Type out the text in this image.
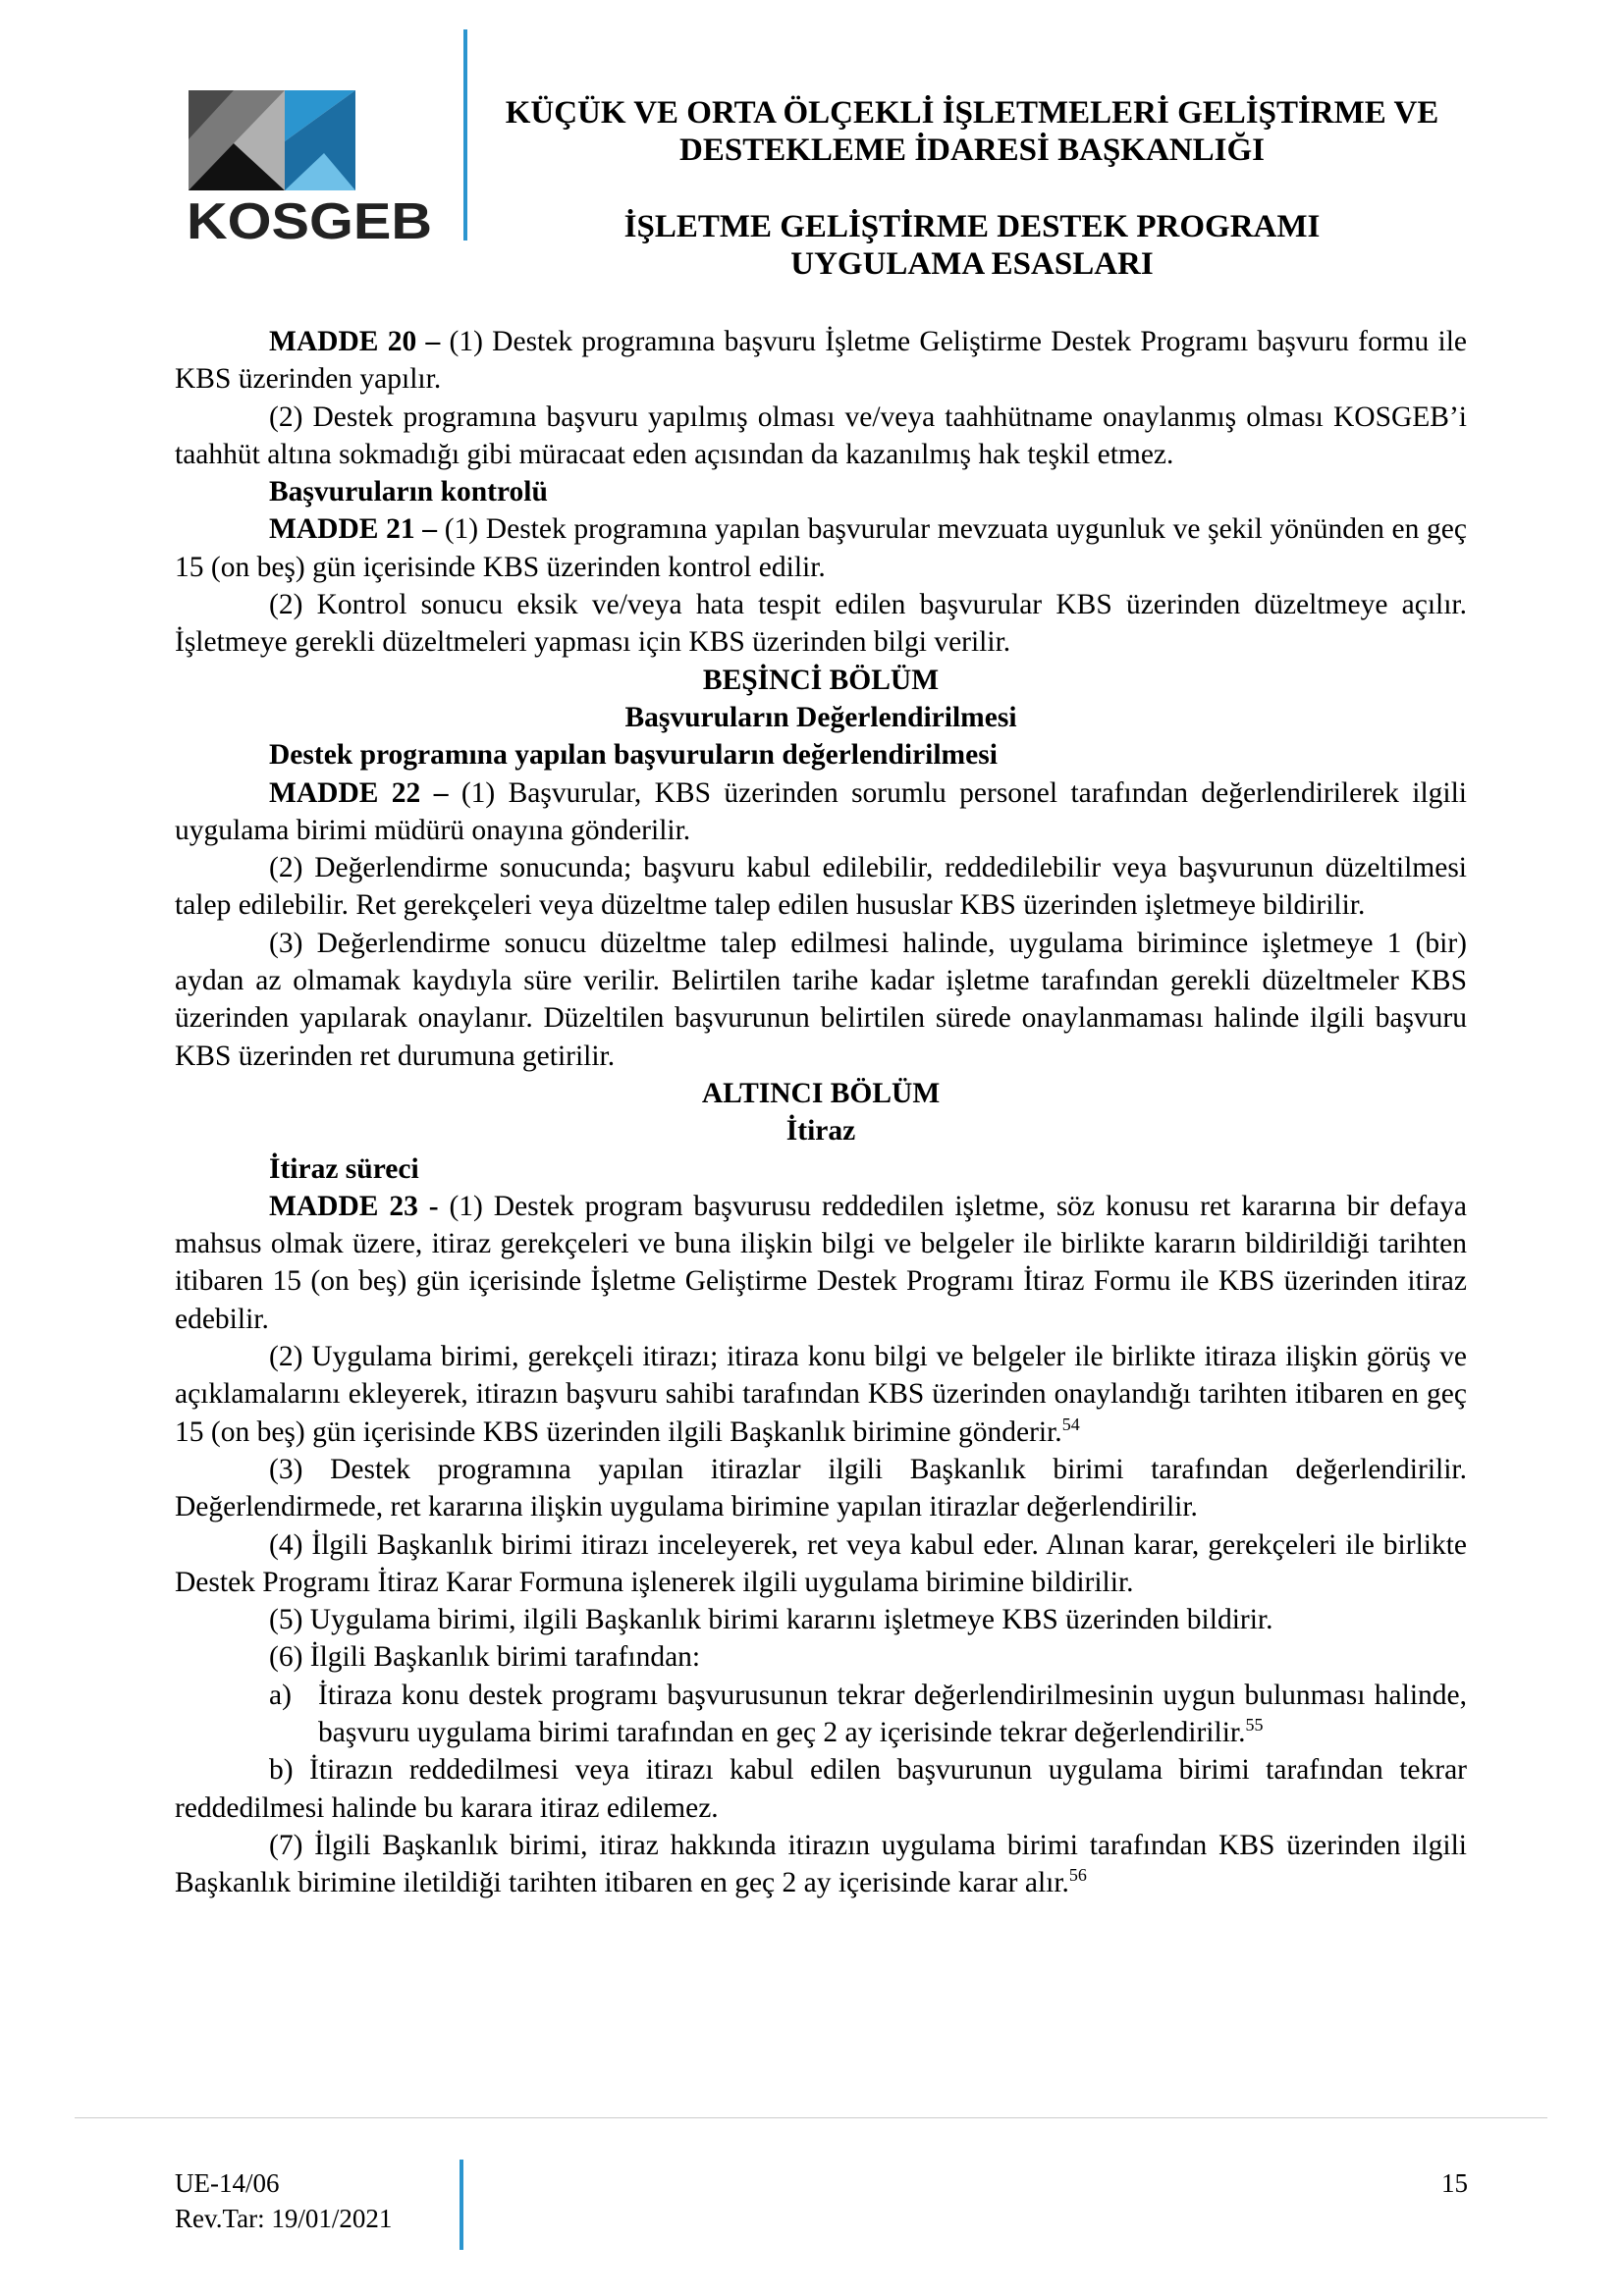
KOSGEB
KÜÇÜK VE ORTA ÖLÇEKLİ İŞLETMELERİ GELİŞTİRME VE
DESTEKLEME İDARESİ BAŞKANLIĞI
İŞLETME GELİŞTİRME DESTEK PROGRAMI
UYGULAMA ESASLARI

MADDE 20 – (1) Destek programına başvuru İşletme Geliştirme Destek Programı başvuru formu ile KBS üzerinden yapılır.

(2) Destek programına başvuru yapılmış olması ve/veya taahhütname onaylanmış olması KOSGEB’i taahhüt altına sokmadığı gibi müracaat eden açısından da kazanılmış hak teşkil etmez.

Başvuruların kontrolü

MADDE 21 – (1) Destek programına yapılan başvurular mevzuata uygunluk ve şekil yönünden en geç 15 (on beş) gün içerisinde KBS üzerinden kontrol edilir.

(2) Kontrol sonucu eksik ve/veya hata tespit edilen başvurular KBS üzerinden düzeltmeye açılır. İşletmeye gerekli düzeltmeleri yapması için KBS üzerinden bilgi verilir.

BEŞİNCİ BÖLÜM

Başvuruların Değerlendirilmesi

Destek programına yapılan başvuruların değerlendirilmesi

MADDE 22 – (1) Başvurular, KBS üzerinden sorumlu personel tarafından değerlendirilerek ilgili uygulama birimi müdürü onayına gönderilir.

(2) Değerlendirme sonucunda; başvuru kabul edilebilir, reddedilebilir veya başvurunun düzeltilmesi talep edilebilir. Ret gerekçeleri veya düzeltme talep edilen hususlar KBS üzerinden işletmeye bildirilir.

(3) Değerlendirme sonucu düzeltme talep edilmesi halinde, uygulama birimince işletmeye 1 (bir) aydan az olmamak kaydıyla süre verilir. Belirtilen tarihe kadar işletme tarafından gerekli düzeltmeler KBS üzerinden yapılarak onaylanır. Düzeltilen başvurunun belirtilen sürede onaylanmaması halinde ilgili başvuru KBS üzerinden ret durumuna getirilir.

ALTINCI BÖLÜM

İtiraz

İtiraz süreci

MADDE 23 - (1) Destek program başvurusu reddedilen işletme, söz konusu ret kararına bir defaya mahsus olmak üzere, itiraz gerekçeleri ve buna ilişkin bilgi ve belgeler ile birlikte kararın bildirildiği tarihten itibaren 15 (on beş) gün içerisinde İşletme Geliştirme Destek Programı İtiraz Formu ile KBS üzerinden itiraz edebilir.

(2) Uygulama birimi, gerekçeli itirazı; itiraza konu bilgi ve belgeler ile birlikte itiraza ilişkin görüş ve açıklamalarını ekleyerek, itirazın başvuru sahibi tarafından KBS üzerinden onaylandığı tarihten itibaren en geç 15 (on beş) gün içerisinde KBS üzerinden ilgili Başkanlık birimine gönderir.$^{54}$

(3) Destek programına yapılan itirazlar ilgili Başkanlık birimi tarafından değerlendirilir. Değerlendirmede, ret kararına ilişkin uygulama birimine yapılan itirazlar değerlendirilir.

(4) İlgili Başkanlık birimi itirazı inceleyerek, ret veya kabul eder. Alınan karar, gerekçeleri ile birlikte Destek Programı İtiraz Karar Formuna işlenerek ilgili uygulama birimine bildirilir.

(5) Uygulama birimi, ilgili Başkanlık birimi kararını işletmeye KBS üzerinden bildirir.

(6) İlgili Başkanlık birimi tarafından:

a) İtiraza konu destek programı başvurusunun tekrar değerlendirilmesinin uygun bulunması halinde, başvuru uygulama birimi tarafından en geç 2 ay içerisinde tekrar değerlendirilir.$^{55}$

b) İtirazın reddedilmesi veya itirazı kabul edilen başvurunun uygulama birimi tarafından tekrar reddedilmesi halinde bu karara itiraz edilemez.

(7) İlgili Başkanlık birimi, itiraz hakkında itirazın uygulama birimi tarafından KBS üzerinden ilgili Başkanlık birimine iletildiği tarihten itibaren en geç 2 ay içerisinde karar alır.$^{56}$

UE-14/06
Rev.Tar: 19/01/2021
15
